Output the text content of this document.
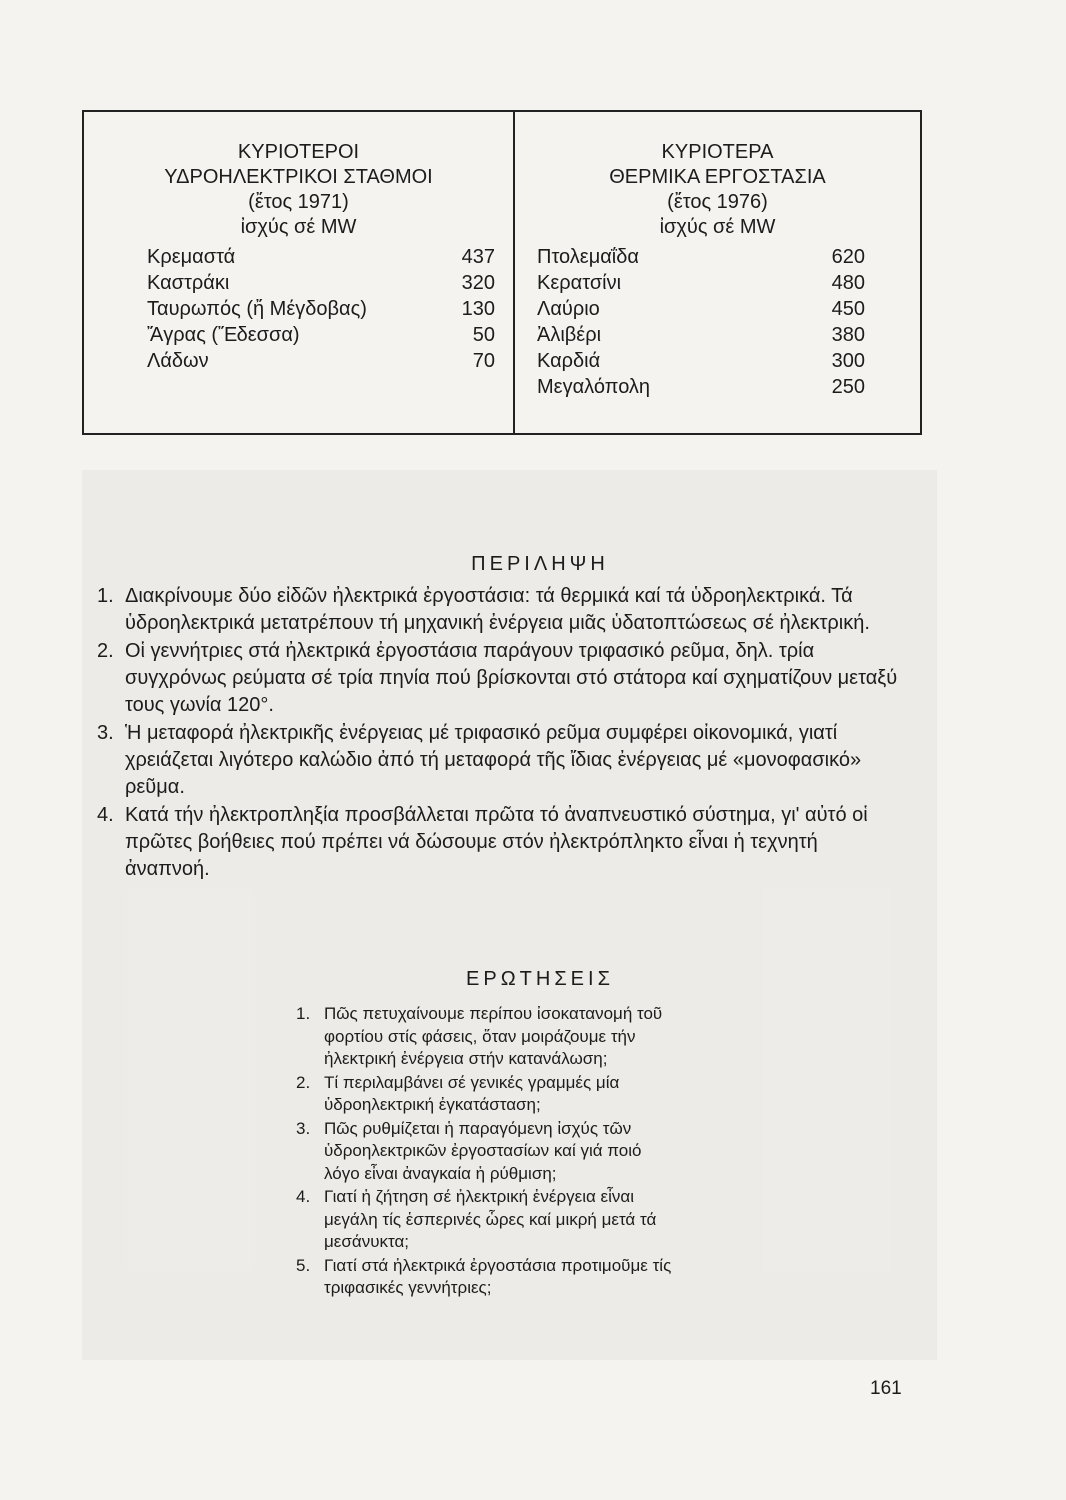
ΚΥΡΙΟΤΕΡΟΙ
ΥΔΡΟΗΛΕΚΤΡΙΚΟΙ ΣΤΑΘΜΟΙ
(ἔτος 1971)
ἰσχύς σέ MW
Κρεμαστά	437
Καστράκι	320
Ταυρωπός (ἤ Μέγδοβας)	130
Ἄγρας (Ἔδεσσα)	50
Λάδων	70
ΚΥΡΙΟΤΕΡΑ
ΘΕΡΜΙΚΑ ΕΡΓΟΣΤΑΣΙΑ
(ἔτος 1976)
ἰσχύς σέ MW
Πτολεμαΐδα	620
Κερατσίνι	480
Λαύριο	450
Ἀλιβέρι	380
Καρδιά	300
Μεγαλόπολη	250
ΠΕΡΙΛΗΨΗ
1. Διακρίνουμε δύο εἰδῶν ἠλεκτρικά ἐργοστάσια: τά θερμικά καί τά ὑδροηλεκτρικά. Τά ὑδροηλεκτρικά μετατρέπουν τή μηχανική ἐνέργεια μιᾶς ὑδατοπτώσεως σέ ἠλεκτρική.
2. Οἱ γεννήτριες στά ἠλεκτρικά ἐργοστάσια παράγουν τριφασικό ρεῦμα, δηλ. τρία συγχρόνως ρεύματα σέ τρία πηνία πού βρίσκονται στό στάτορα καί σχηματίζουν μεταξύ τους γωνία 120°.
3. Ἡ μεταφορά ἠλεκτρικῆς ἐνέργειας μέ τριφασικό ρεῦμα συμφέρει οἰκονομικά, γιατί χρειάζεται λιγότερο καλώδιο ἀπό τή μεταφορά τῆς ἴδιας ἐνέργειας μέ «μονοφασικό» ρεῦμα.
4. Κατά τήν ἠλεκτροπληξία προσβάλλεται πρῶτα τό ἀναπνευστικό σύστημα, γι' αὐτό οἱ πρῶτες βοήθειες πού πρέπει νά δώσουμε στόν ἠλεκτρόπληκτο εἶναι ἡ τεχνητή ἀναπνοή.
ΕΡΩΤΗΣΕΙΣ
1. Πῶς πετυχαίνουμε περίπου ἰσοκατανομή τοῦ φορτίου στίς φάσεις, ὅταν μοιράζουμε τήν ἠλεκτρική ἐνέργεια στήν κατανάλωση;
2. Τί περιλαμβάνει σέ γενικές γραμμές μία ὑδροηλεκτρική ἐγκατάσταση;
3. Πῶς ρυθμίζεται ἡ παραγόμενη ἰσχύς τῶν ὑδροηλεκτρικῶν ἐργοστασίων καί γιά ποιό λόγο εἶναι ἀναγκαία ἡ ρύθμιση;
4. Γιατί ἡ ζήτηση σέ ἠλεκτρική ἐνέργεια εἶναι μεγάλη τίς ἑσπερινές ὧρες καί μικρή μετά τά μεσάνυκτα;
5. Γιατί στά ἠλεκτρικά ἐργοστάσια προτιμοῦμε τίς τριφασικές γεννήτριες;
161
